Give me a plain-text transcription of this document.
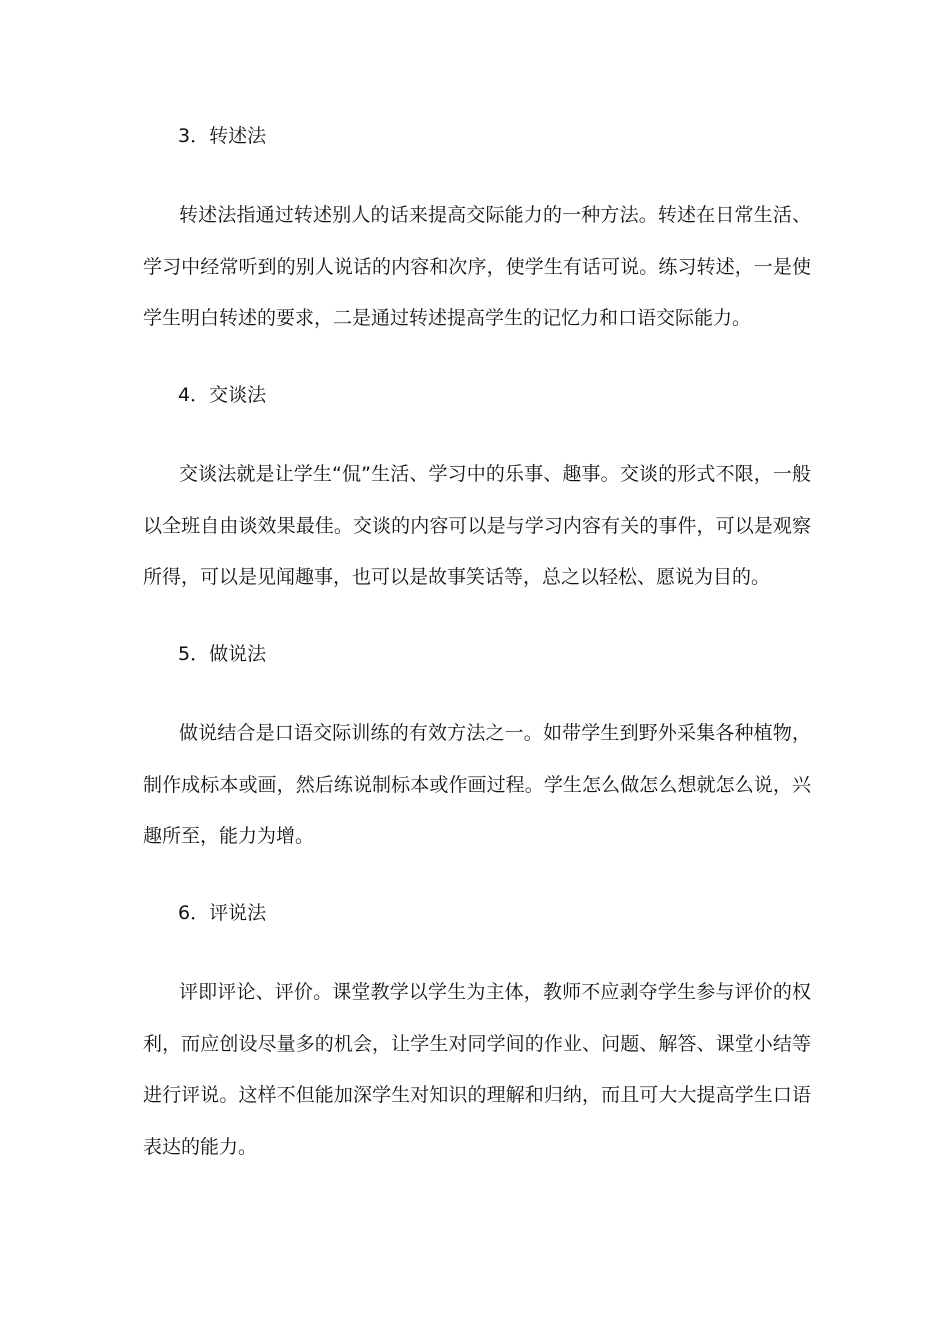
3．转述法

转述法指通过转述别人的话来提高交际能力的一种方法。转述在日常生活、学习中经常听到的别人说话的内容和次序，使学生有话可说。练习转述，一是使学生明白转述的要求，二是通过转述提高学生的记忆力和口语交际能力。

4．交谈法

交谈法就是让学生“侃”生活、学习中的乐事、趣事。交谈的形式不限，一般以全班自由谈效果最佳。交谈的内容可以是与学习内容有关的事件，可以是观察所得，可以是见闻趣事，也可以是故事笑话等，总之以轻松、愿说为目的。

5．做说法

做说结合是口语交际训练的有效方法之一。如带学生到野外采集各种植物，制作成标本或画，然后练说制标本或作画过程。学生怎么做怎么想就怎么说，兴趣所至，能力为增。

6．评说法

评即评论、评价。课堂教学以学生为主体，教师不应剥夺学生参与评价的权利，而应创设尽量多的机会，让学生对同学间的作业、问题、解答、课堂小结等进行评说。这样不但能加深学生对知识的理解和归纳，而且可大大提高学生口语表达的能力。
